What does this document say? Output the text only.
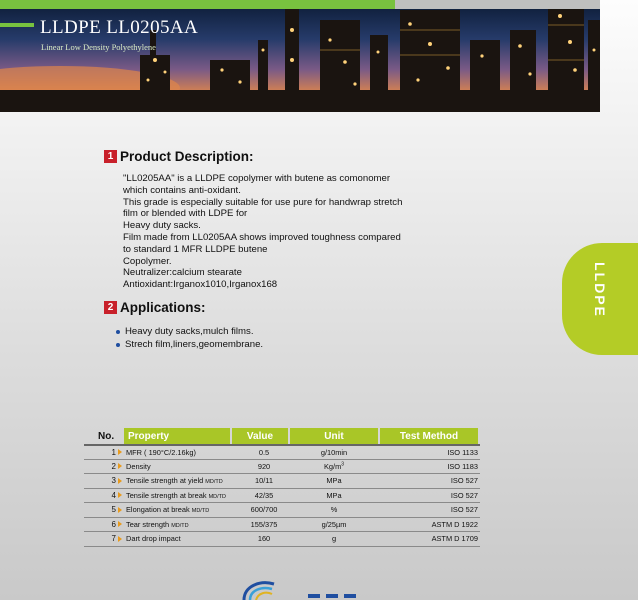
LLDPE LL0205AA
Linear Low Density Polyethylene
LLDPE
1 Product Description:

"LL0205AA" is a LLDPE copolymer with butene as comonomer
which contains anti-oxidant.
This grade is especially suitable for use pure for handwrap stretch
film or blended with LDPE for
Heavy duty sacks.
Film made from LL0205AA shows improved toughness compared
to standard 1 MFR LLDPE butene
Copolymer.
Neutralizer:calcium stearate
Antioxidant:Irganox1010,Irganox168

2 Applications:
Heavy duty sacks,mulch films.
Strech film,liners,geomembrane.
No.	Property	Value	Unit	Test Method
1 MFR ( 190°C/2.16kg)	0.5	g/10min	ISO 1133
2 Density	920	$Kg/m^3$	ISO 1183
3 Tensile strength at yield MD/TD	10/11	MPa	ISO 527
4 Tensile strength at break MD/TD	42/35	MPa	ISO 527
5 Elongation at break MD/TD	600/700	%	ISO 527
6 Tear strength MD/TD	155/375	g/25µm	ASTM D 1922
7 Dart drop impact	160	g	ASTM D 1709
